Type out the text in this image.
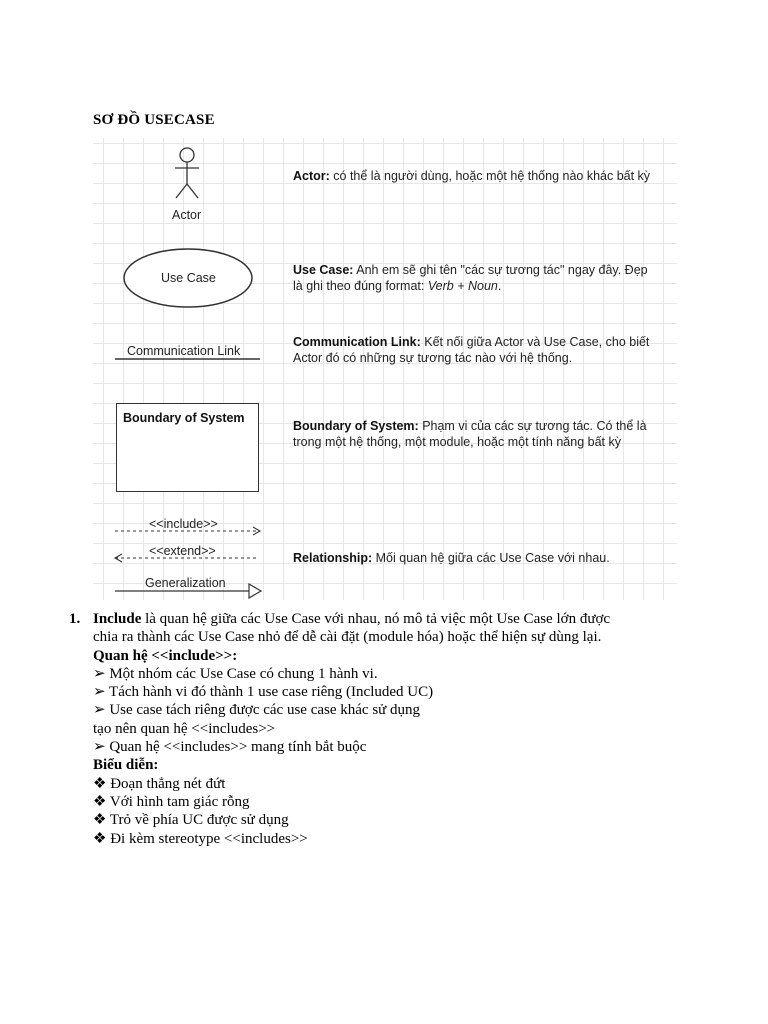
SƠ ĐỒ USECASE
Actor
Use Case
Communication Link
Boundary of System
<<include>>
<<extend>>
Generalization
Actor: có thể là người dùng, hoặc một hệ thống nào khác bất kỳ
Use Case: Anh em sẽ ghi tên "các sự tương tác" ngay đây. Đẹp là ghi theo đúng format: Verb + Noun.
Communication Link: Kết nối giữa Actor và Use Case, cho biết Actor đó có những sự tương tác nào với hệ thống.
Boundary of System: Phạm vi của các sự tương tác. Có thể là trong một hệ thống, một module, hoặc một tính năng bất kỳ
Relationship: Mối quan hệ giữa các Use Case với nhau.
1. Include là quan hệ giữa các Use Case với nhau, nó mô tả việc một Use Case lớn được
chia ra thành các Use Case nhỏ để dễ cài đặt (module hóa) hoặc thể hiện sự dùng lại.
Quan hệ <<include>>:
➢ Một nhóm các Use Case có chung 1 hành vi.
➢ Tách hành vi đó thành 1 use case riêng (Included UC)
➢ Use case tách riêng được các use case khác sử dụng
tạo nên quan hệ <<includes>>
➢ Quan hệ <<includes>> mang tính bắt buộc
Biểu diễn:
❖ Đoạn thẳng nét đứt
❖ Với hình tam giác rỗng
❖ Trỏ về phía UC được sử dụng
❖ Đi kèm stereotype <<includes>>
